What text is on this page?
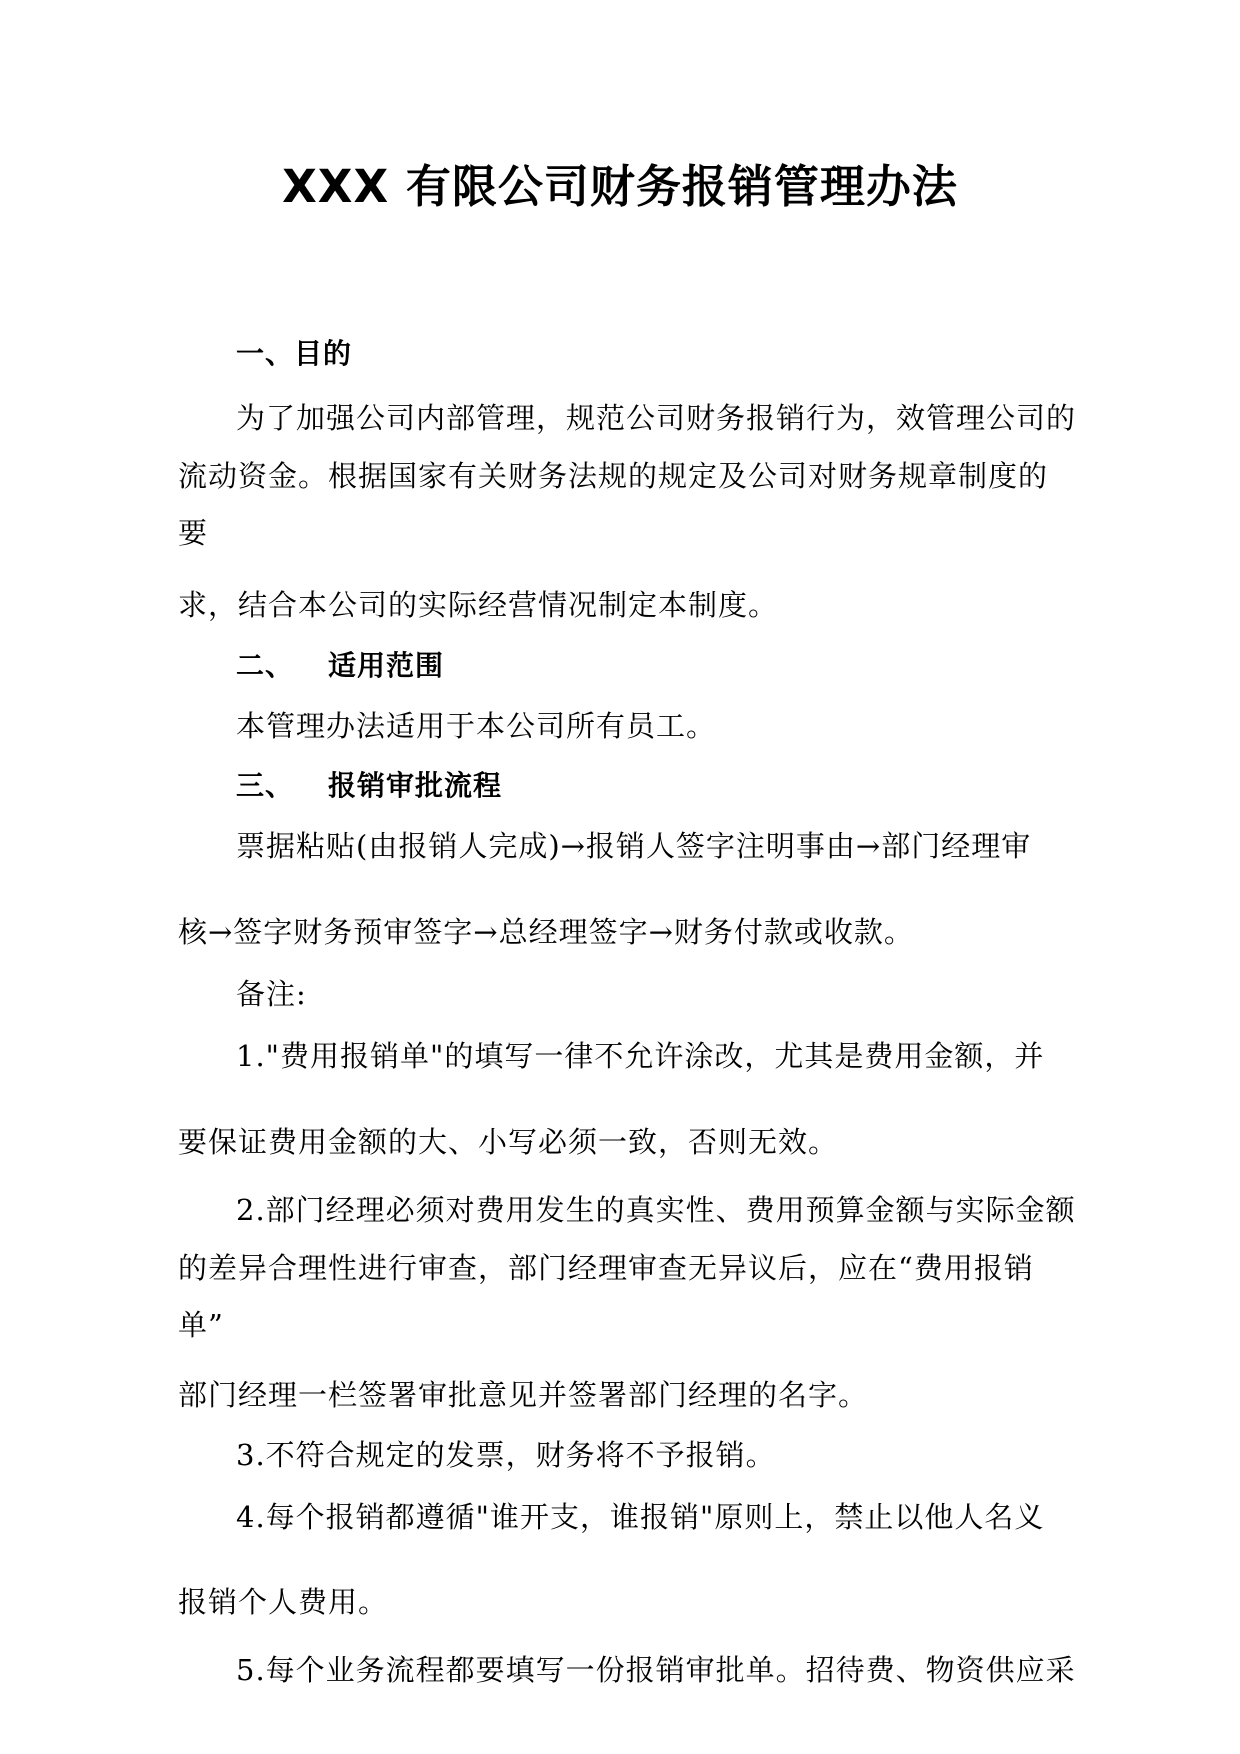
XXX 有限公司财务报销管理办法
一、目的
为了加强公司内部管理，规范公司财务报销行为，效管理公司的
流动资金。根据国家有关财务法规的规定及公司对财务规章制度的
要
求，结合本公司的实际经营情况制定本制度。
二、 适用范围
本管理办法适用于本公司所有员工。
三、 报销审批流程
票据粘贴(由报销人完成)→报销人签字注明事由→部门经理审
核→签字财务预审签字→总经理签字→财务付款或收款。
备注:
1."费用报销单"的填写一律不允许涂改，尤其是费用金额，并
要保证费用金额的大、小写必须一致，否则无效。
2.部门经理必须对费用发生的真实性、费用预算金额与实际金额
的差异合理性进行审查，部门经理审查无异议后，应在“费用报销
单”
部门经理一栏签署审批意见并签署部门经理的名字。
3.不符合规定的发票，财务将不予报销。
4.每个报销都遵循"谁开支，谁报销"原则上，禁止以他人名义
报销个人费用。
5.每个业务流程都要填写一份报销审批单。招待费、物资供应采
